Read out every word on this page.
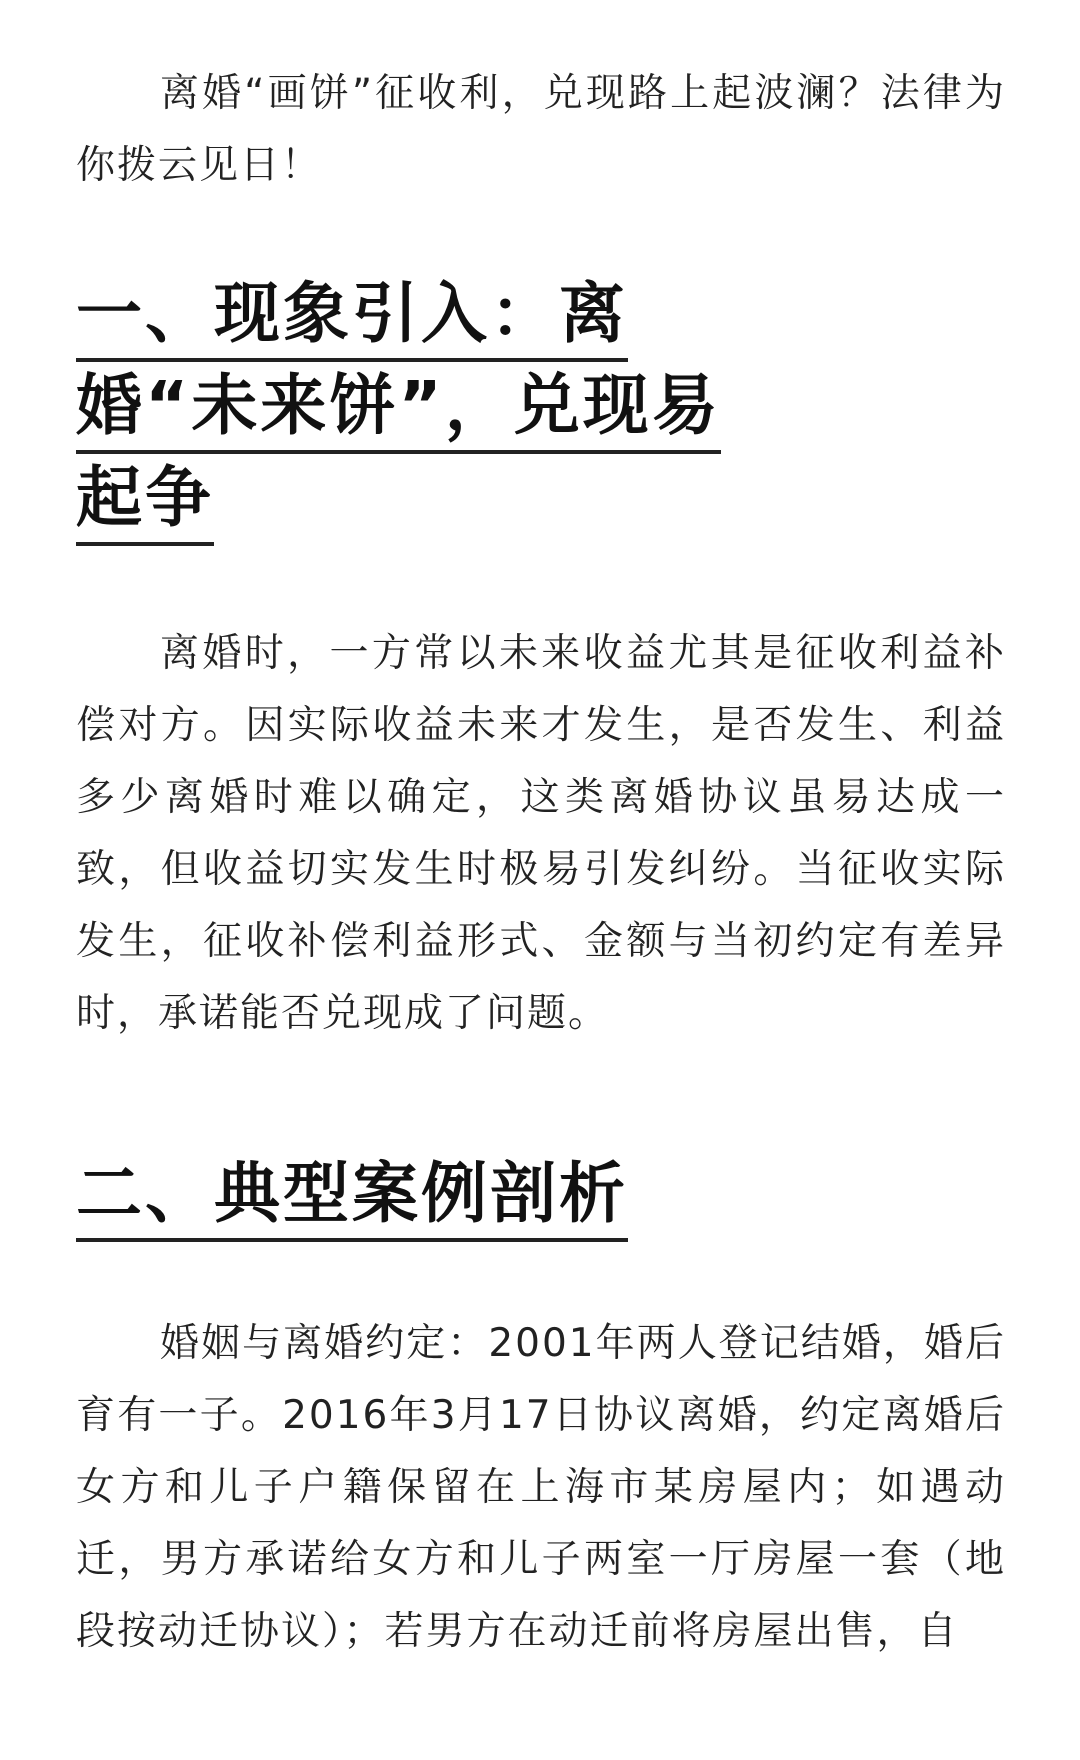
离婚“画饼”征收利，兑现路上起波澜？法律为你拨云见日！

一、现象引入：离婚“未来饼”，兑现易起争

离婚时，一方常以未来收益尤其是征收利益补偿对方。因实际收益未来才发生，是否发生、利益多少离婚时难以确定，这类离婚协议虽易达成一致，但收益切实发生时极易引发纠纷。当征收实际发生，征收补偿利益形式、金额与当初约定有差异时，承诺能否兑现成了问题。

二、典型案例剖析

婚姻与离婚约定：2001年两人登记结婚，婚后育有一子。2016年3月17日协议离婚，约定离婚后女方和儿子户籍保留在上海市某房屋内；如遇动迁，男方承诺给女方和儿子两室一厅房屋一套（地段按动迁协议）；若男方在动迁前将房屋出售，自
